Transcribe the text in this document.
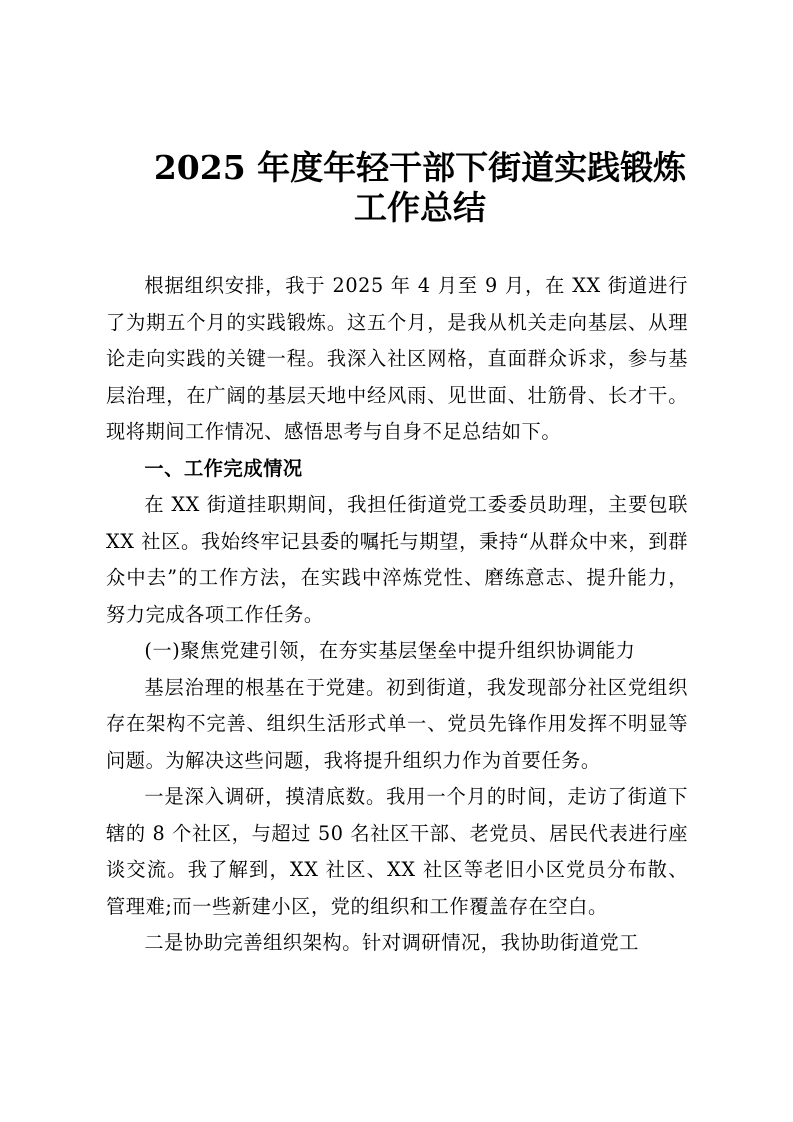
2025 年度年轻干部下街道实践锻炼
工作总结

根据组织安排，我于 2025 年 4 月至 9 月，在 XX 街道进行了为期五个月的实践锻炼。这五个月，是我从机关走向基层、从理论走向实践的关键一程。我深入社区网格，直面群众诉求，参与基层治理，在广阔的基层天地中经风雨、见世面、壮筋骨、长才干。现将期间工作情况、感悟思考与自身不足总结如下。

一、工作完成情况

在 XX 街道挂职期间，我担任街道党工委委员助理，主要包联 XX 社区。我始终牢记县委的嘱托与期望，秉持“从群众中来，到群众中去”的工作方法，在实践中淬炼党性、磨练意志、提升能力，努力完成各项工作任务。

(一)聚焦党建引领，在夯实基层堡垒中提升组织协调能力

基层治理的根基在于党建。初到街道，我发现部分社区党组织存在架构不完善、组织生活形式单一、党员先锋作用发挥不明显等问题。为解决这些问题，我将提升组织力作为首要任务。

一是深入调研，摸清底数。我用一个月的时间，走访了街道下辖的 8 个社区，与超过 50 名社区干部、老党员、居民代表进行座谈交流。我了解到，XX 社区、XX 社区等老旧小区党员分布散、管理难;而一些新建小区，党的组织和工作覆盖存在空白。

二是协助完善组织架构。针对调研情况，我协助街道党工
